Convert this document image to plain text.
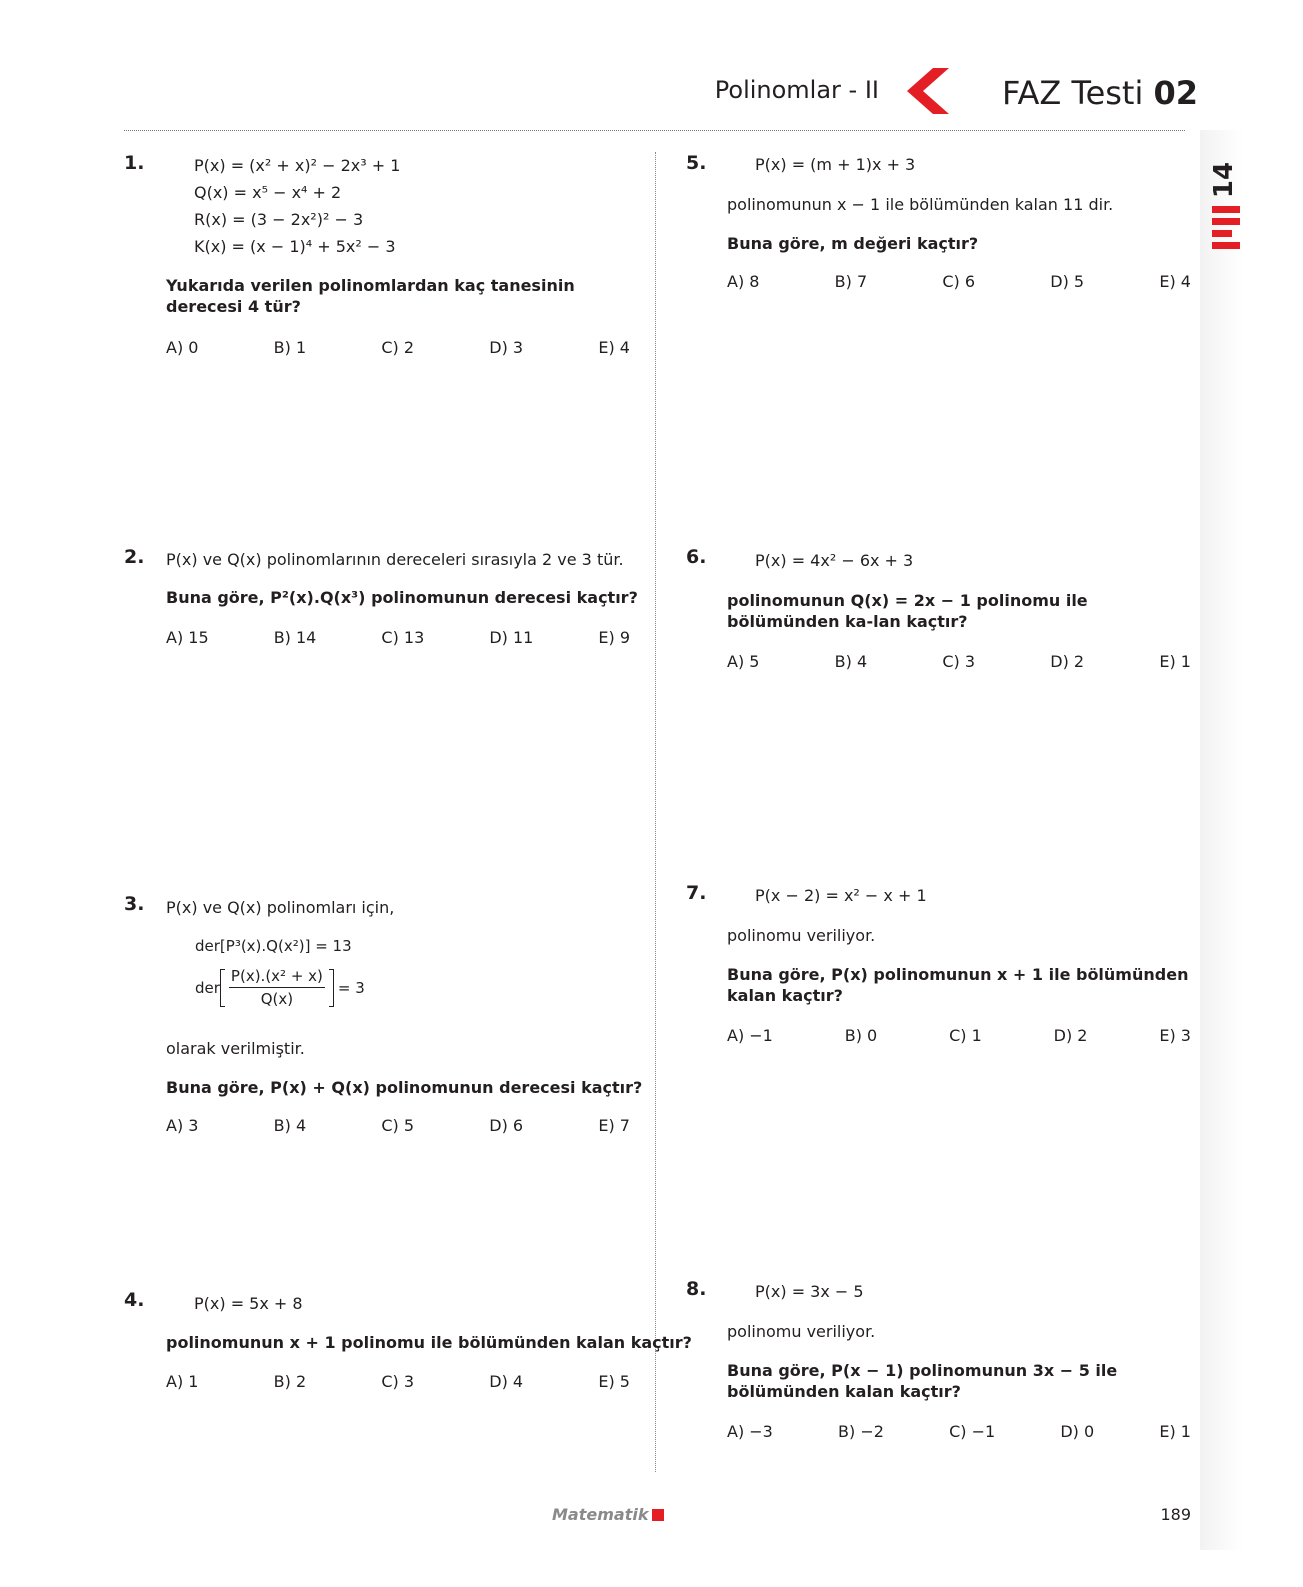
Polinomlar - II	FAZ Testi 02
14
1.	P(x) = (x² + x)² − 2x³ + 1
Q(x) = x⁵ − x⁴ + 2
R(x) = (3 − 2x²)² − 3
K(x) = (x − 1)⁴ + 5x² − 3
Yukarıda verilen polinomlardan kaç tanesinin derecesi 4 tür?
A) 0	B) 1	C) 2	D) 3	E) 4
2. P(x) ve Q(x) polinomlarının dereceleri sırasıyla 2 ve 3 tür.
Buna göre, P²(x).Q(x³) polinomunun derecesi kaçtır?
A) 15	B) 14	C) 13	D) 11	E) 9
3. P(x) ve Q(x) polinomları için,
der[P³(x).Q(x²)] = 13
der $\frac{\text{P(x).(x² + x)}}{Q(x)} = 3$
olarak verilmiştir.
Buna göre, P(x) + Q(x) polinomunun derecesi kaçtır?
A) 3	B) 4	C) 5	D) 6	E) 7
4.	P(x) = 5x + 8
polinomunun x + 1 polinomu ile bölümünden kalan kaçtır?
A) 1	B) 2	C) 3	D) 4	E) 5
5.	P(x) = (m + 1)x + 3
polinomunun x − 1 ile bölümünden kalan 11 dir.
Buna göre, m değeri kaçtır?
A) 8	B) 7	C) 6	D) 5	E) 4
6.	P(x) = 4x² − 6x + 3
polinomunun Q(x) = 2x − 1 polinomu ile bölümünden ka-lan kaçtır?
A) 5	B) 4	C) 3	D) 2	E) 1
7.	P(x − 2) = x² − x + 1
polinomu veriliyor.
Buna göre, P(x) polinomunun x + 1 ile bölümünden kalan kaçtır?
A) −1	B) 0	C) 1	D) 2	E) 3
8.	P(x) = 3x − 5
polinomu veriliyor.
Buna göre, P(x − 1) polinomunun 3x − 5 ile bölümünden kalan kaçtır?
A) −3	B) −2	C) −1	D) 0	E) 1
Matematik	189
